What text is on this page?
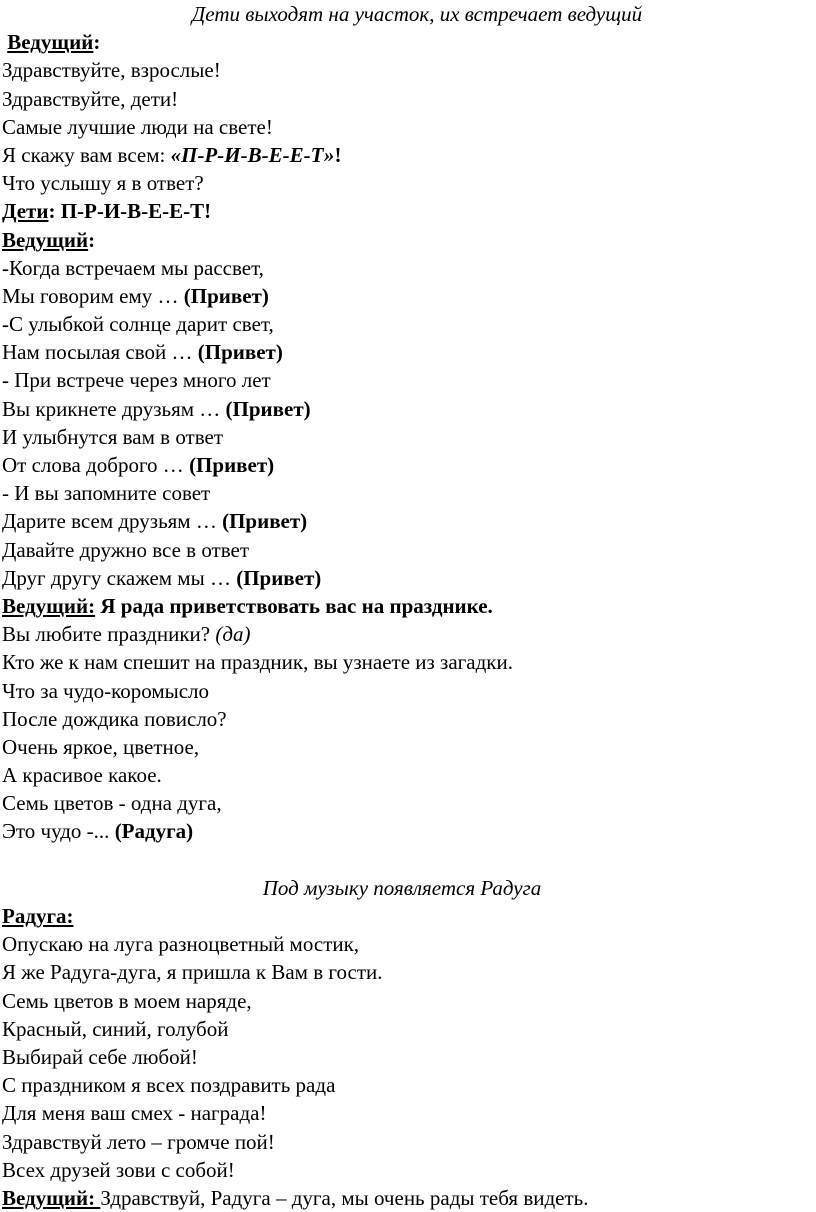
Дети выходят на участок, их встречает ведущий
Ведущий:
Здравствуйте, взрослые!
Здравствуйте, дети!
Самые лучшие люди на свете!
Я скажу вам всем: «П-Р-И-В-Е-Е-Т»!
Что услышу я в ответ?
Дети: П-Р-И-В-Е-Е-Т!
Ведущий:
-Когда встречаем мы рассвет,
Мы говорим ему … (Привет)
-С улыбкой солнце дарит свет,
Нам посылая свой … (Привет)
- При встрече через много лет
Вы крикнете друзьям … (Привет)
И улыбнутся вам в ответ
От слова доброго … (Привет)
- И вы запомните совет
Дарите всем друзьям … (Привет)
Давайте дружно все в ответ
Друг другу скажем мы … (Привет)
Ведущий: Я рада приветствовать вас на празднике.
Вы любите праздники? (да)
Кто же к нам спешит на праздник, вы узнаете из загадки.
Что за чудо-коромысло
После дождика повисло?
Очень яркое, цветное,
А красивое какое.
Семь цветов - одна дуга,
Это чудо -... (Радуга)
Под музыку появляется Радуга
Радуга:
Опускаю на луга разноцветный мостик,
Я же Радуга-дуга, я пришла к Вам в гости.
Семь цветов в моем наряде,
Красный, синий, голубой
Выбирай себе любой!
С праздником я всех поздравить рада
Для меня ваш смех - награда!
Здравствуй лето – громче пой!
Всех друзей зови с собой!
Ведущий: Здравствуй, Радуга – дуга, мы очень рады тебя видеть.
